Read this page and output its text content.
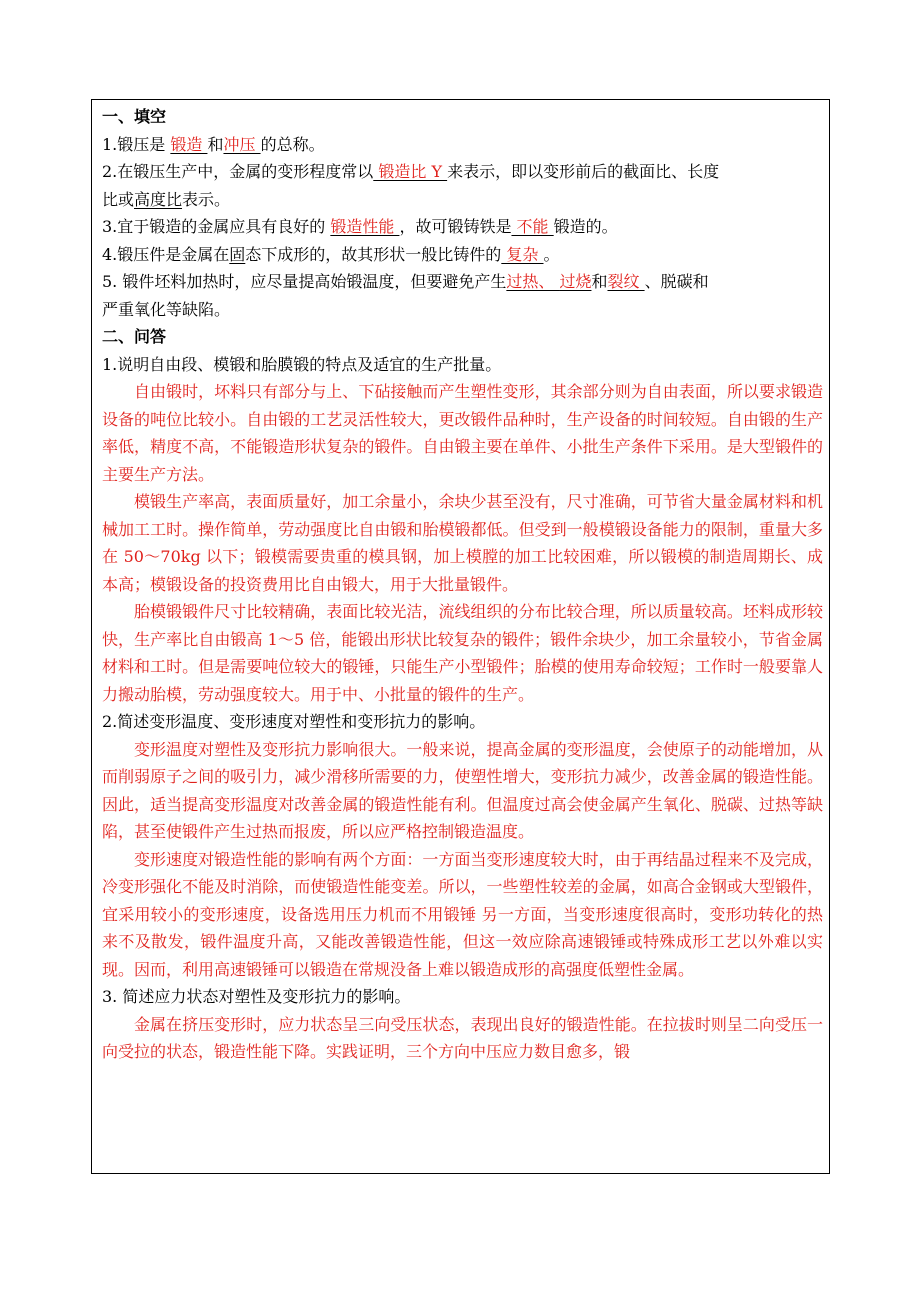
一、填空
1.锻压是 锻造 和冲压 的总称。
2.在锻压生产中，金属的变形程度常以 锻造比 Y 来表示，即以变形前后的截面比、长度
比或高度比表示。
3.宜于锻造的金属应具有良好的 锻造性能 ，故可锻铸铁是 不能 锻造的。
4.锻压件是金属在固态下成形的，故其形状一般比铸件的 复杂 。
5. 锻件坯料加热时，应尽量提高始锻温度，但要避免产生过热、 过烧和裂纹 、脱碳和
严重氧化等缺陷。
二、问答
1.说明自由段、模锻和胎膜锻的特点及适宜的生产批量。

自由锻时，坏料只有部分与上、下砧接触而产生塑性变形，其余部分则为自由表面，所以要求锻造设备的吨位比较小。自由锻的工艺灵活性较大，更改锻件品种时，生产设备的时间较短。自由锻的生产率低，精度不高，不能锻造形状复杂的锻件。自由锻主要在单件、小批生产条件下采用。是大型锻件的主要生产方法。

模锻生产率高，表面质量好，加工余量小，余块少甚至没有，尺寸准确，可节省大量金属材料和机械加工工时。操作简单，劳动强度比自由锻和胎模锻都低。但受到一般模锻设备能力的限制，重量大多在 50～70kg 以下；锻模需要贵重的模具钢，加上模膛的加工比较困难，所以锻模的制造周期长、成本高；模锻设备的投资费用比自由锻大，用于大批量锻件。

胎模锻锻件尺寸比较精确，表面比较光洁，流线组织的分布比较合理，所以质量较高。坯料成形较快，生产率比自由锻高 1～5 倍，能锻出形状比较复杂的锻件；锻件余块少，加工余量较小，节省金属材料和工时。但是需要吨位较大的锻锤，只能生产小型锻件；胎模的使用寿命较短；工作时一般要靠人力搬动胎模，劳动强度较大。用于中、小批量的锻件的生产。

2.简述变形温度、变形速度对塑性和变形抗力的影响。

变形温度对塑性及变形抗力影响很大。一般来说，提高金属的变形温度，会使原子的动能增加，从而削弱原子之间的吸引力，减少滑移所需要的力，使塑性增大，变形抗力减少，改善金属的锻造性能。因此，适当提高变形温度对改善金属的锻造性能有利。但温度过高会使金属产生氧化、脱碳、过热等缺陷，甚至使锻件产生过热而报废，所以应严格控制锻造温度。

变形速度对锻造性能的影响有两个方面：一方面当变形速度较大时，由于再结晶过程来不及完成，冷变形强化不能及时消除，而使锻造性能变差。所以，一些塑性较差的金属，如高合金钢或大型锻件，宜采用较小的变形速度，设备选用压力机而不用锻锤 另一方面，当变形速度很高时，变形功转化的热来不及散发，锻件温度升高，又能改善锻造性能，但这一效应除高速锻锤或特殊成形工艺以外难以实现。因而，利用高速锻锤可以锻造在常规没备上难以锻造成形的高强度低塑性金属。

3. 简述应力状态对塑性及变形抗力的影响。

金属在挤压变形时，应力状态呈三向受压状态，表现出良好的锻造性能。在拉拔时则呈二向受压一向受拉的状态，锻造性能下降。实践证明，三个方向中压应力数目愈多，锻
